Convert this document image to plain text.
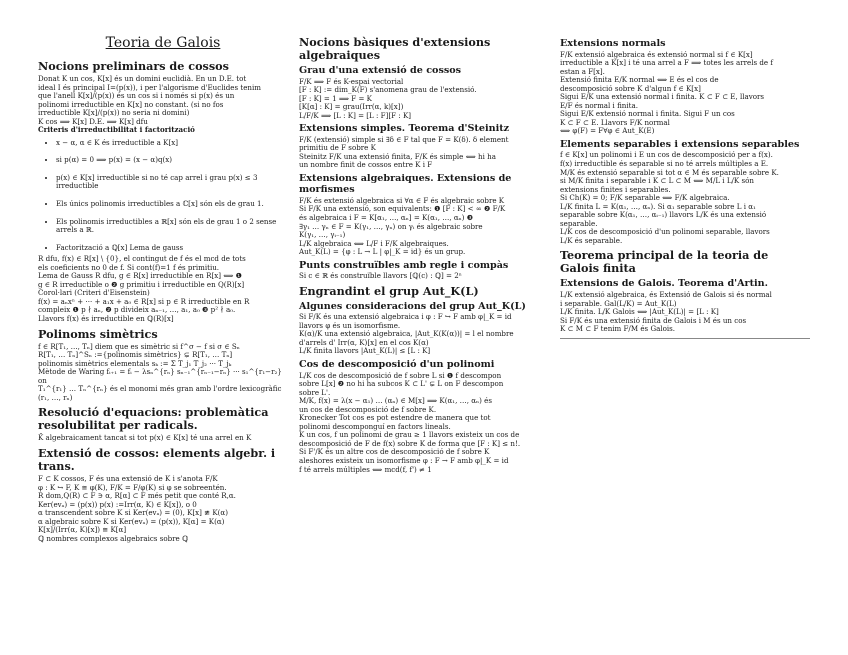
Teoria de Galois
Nocions preliminars de cossos

Donat K un cos, K[x] és un domini euclidià. En un D.E. tot

ideal I és principal I=(p(x)), i per l'algorisme d'Euclides tenim

que l'anell K[x]/(p(x)) és un cos si i només si p(x) és un

polinomi irreductible en K[x] no constant. (si no fos

irreductible K[x]/(p(x)) no seria ni domini)

K cos ⟹ K[x] D.E. ⟹ K[x] dfu

Criteris d'irreductibilitat i factorització

• x − α, α ∈ K és irreductible a K[x]
• si p(α) = 0 ⟹ p(x) = (x − α)q(x)
• p(x) ∈ K[x] irreductible si no té cap arrel i grau p(x) ≤ 3 irreductible
• Els únics polinomis irreductibles a ℂ[x] són els de grau 1.
• Els polinomis irreductibles a ℝ[x] són els de grau 1 o 2 sense arrels a ℝ.
• Factorització a ℚ[x] Lema de gauss

R dfu, f(x) ∈ R[x] \ {0}, el contingut de f és el mcd de tots

els coeficients no 0 de f. Si cont(f)=1 f és primitiu.

Lema de Gauss R dfu, g ∈ R[x] irreductible en R[x] ⟺ ❶

g ∈ R irreductible o ❷ g primitiu i irreductible en Q(R)[x]

Corol·lari (Criteri d'Eisenstein)

f(x) = aₙxⁿ + ··· + a₁x + a₀ ∈ R[x] si p ∈ R irreductible en R

compleix ❶ p ∤ aₙ, ❷ p divideix aₙ₋₁, …, a₁, a₀ ❸ p² ∤ a₀.

Llavors f(x) és irreductible en ℚ(R)[x]

Polinoms simètrics

f ∈ R[T₁, …, Tₙ] diem que es simètric si f^σ − f si σ ∈ Sₙ

R[T₁, … Tₙ]^Sₙ :={polinomis simètrics} ⊊ R[T₁, … Tₙ]

polinomis simètrics elementals sₖ := Σ T_j₁ T_j₂ ··· T_jₖ

Mètode de Waring fᵢ₊₁ = fᵢ − λsₙ^{rₙ} sₙ₋₁^{rₙ₋₁−rₙ} ··· s₁^{r₁−r₂} on

T₁^{r₁} … Tₙ^{rₙ} és el monomi més gran amb l'ordre lexicogràfic

(r₁, …, rₙ)

Resolució d'equacions: problemàtica resolubilitat per radicals.

K̄ algebraicament tancat si tot p(x) ∈ K[x] té una arrel en K

Extensió de cossos: elements algebr. i trans.

F ⊂ K cossos, F és una extensió de K i s'anota F/K

φ : K ↪ F, K ≅ φ(K), F/K = F/φ(K) si φ se sobreentén.

R dom,Q(R) ⊂ F ∋ α, R[α] ⊂ F més petit que conté R,α.

Ker(evₐ) = (p(x)) p(x) :=Irr(α, K) ∈ K[x]), o 0

α transcendent sobre K si Ker(evₐ) = (0), K[x] ≇ K(α)

α algebraic sobre K si Ker(evₐ) = (p(x)), K[α] = K(α)

K[x]/(Irr(α, K)[x]) ≅ K[α]

ℚ nombres complexos algebraics sobre ℚ

Nocions bàsiques d'extensions algebraiques
Grau d'una extensió de cossos

F/K ⟹ F és K-espai vectorial

[F : K] := dim_K(F) s'anomena grau de l'extensió.

[F : K] = 1 ⟹ F = K

[K[α] : K] = grau(Irr(α, k)[x])

L/F/K ⟹ [L : K] = [L : F][F : K]

Extensions simples. Teorema d'Steinitz

F/K (extensió) simple si ∃δ ∈ F tal que F = K(δ). δ element

primitiu de F sobre K

Steinitz F/K una extensió finita, F/K és simple ⟺ hi ha

un nombre finit de cossos entre K i F

Extensions algebraiques. Extensions de morfismes

F/K és extensió algebraica si ∀α ∈ F és algebraic sobre K

Si F/K una extensió, son equivalents: ❶ [F : K] < ∞ ❷ F/K

és algebraica i F = K[α₁, …, αₙ] = K(α₁, …, αₙ) ❸

∃γ₁ … γₙ ∈ F = K(γ₁, …, γₙ) on γᵢ és algebraic sobre

K(γ₁, …, γᵢ₋₁)

L/K algebraica ⟺ L/F i F/K algebraiques.

Aut_K(L) = {φ : L → L | φ|_K = id} és un grup.

Punts construïbles amb regle i compàs

Si c ∈ ℝ és construïble llavors [ℚ(c) : ℚ] = 2ⁿ

Engrandint el grup Aut_K(L)
Algunes consideracions del grup Aut_K(L)

Si F/K és una extensió algebraica i φ : F ↪ F amb φ|_K = id

llavors φ és un isomorfisme.

K(α)/K una extensió algebraica, |Aut_K(K(α))| = l el nombre

d'arrels d' Irr(α, K)[x] en el cos K(α)

L/K finita llavors |Aut_K(L)| ≤ [L : K]

Cos de descomposició d'un polinomi

L/K cos de descomposició de f sobre L si ❶ f descompon

sobre L[x] ❷ no hi ha subcos K ⊂ L' ⊊ L on F descompon

sobre L'.

M/K, f(x) = λ(x − α₁) … (αₙ) ∈ M[x] ⟹ K(α₁, …, αₙ) és

un cos de descomposició de f sobre K.

Kronecker Tot cos es pot estendre de manera que tot

polinomi descomponguí en factors lineals.

K un cos, f un polinomi de grau ≥ 1 llavors existeix un cos de

descomposició de F de f(x) sobre K de forma que [F : K] ≤ n!.

Si F'/K és un altre cos de descomposició de f sobre K

aleshores existeix un isomorfisme φ : F → F amb φ|_K = id

f té arrels múltiples ⟺ mcd(f, f') ≠ 1

Extensions normals

F/K extensió algebraica és extensió normal si f ∈ K[x]

irreductible a K[x] i té una arrel a F ⟹ totes les arrels de f

estan a F[x].

Extensió finita E/K normal ⟺ E és el cos de

descomposició sobre K d'algun f ∈ K[x]

Sigui E/K una extensió normal i finita. K ⊂ F ⊂ E, llavors

E/F és normal i finita.

Sigui E/K extensió normal i finita. Sigui F un cos

K ⊂ F ⊂ E. Llavors F/K normal

⟺ φ(F) = F∀φ ∈ Aut_K(E)

Elements separables i extensions separables

f ∈ K[x] un polinomi i E un cos de descomposició per a f(x).

f(x) irreductible és separable si no té arrels múltiples a E.

M/K és extensió separable si tot α ∈ M és separable sobre K.

si M/K finita i separable i K ⊂ L ⊂ M ⟺ M/L i L/K són

extensions finites i separables.

Si Ch(K) = 0; F/K separable ⟺ F/K algebraica.

L/K finita L = K(α₁, …, αₙ). Si α₁ separable sobre L i α₁

separable sobre K(α₁, …, αᵢ₋₁) llavors L/K és una extensió

separable.

L/K cos de descomposició d'un polinomi separable, llavors

L/K és separable.

Teorema principal de la teoria de Galois finita
Extensions de Galois. Teorema d'Artin.

L/K extensió algebraica, és Extensió de Galois si és normal

i separable. Gal(L/K) = Aut_K(L)

L/K finita. L/K Galois ⟺ |Aut_K(L)| = [L : K]

Si F/K és una extensió finita de Galois i M és un cos

K ⊂ M ⊂ F tenim F/M és Galois.
